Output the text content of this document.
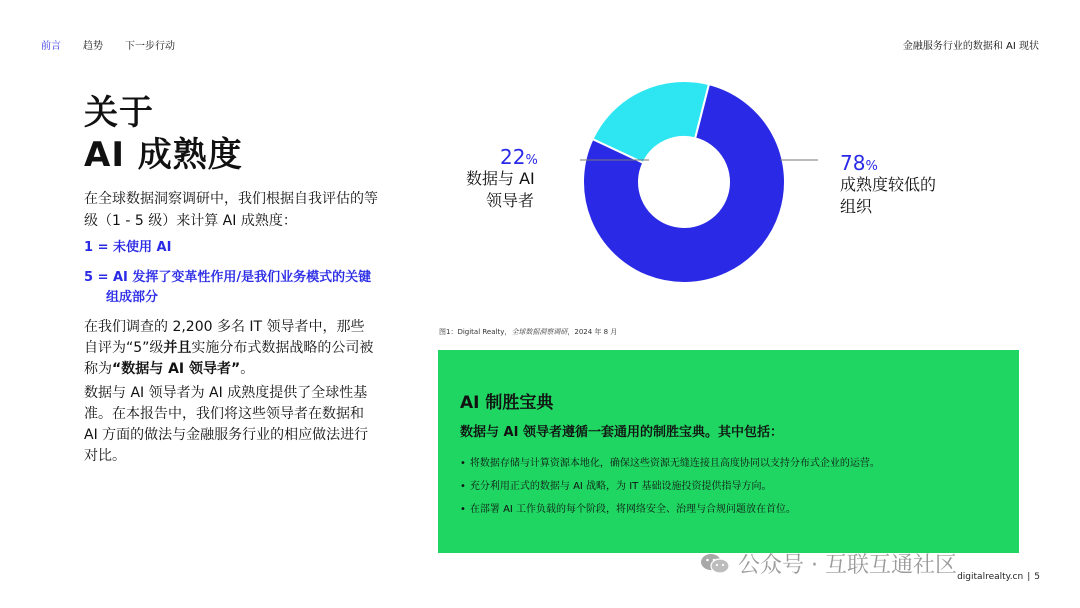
前言 趋势 下一步行动	金融服务行业的数据和 AI 现状
关于
AI 成熟度

在全球数据洞察调研中，我们根据自我评估的等级（1 - 5 级）来计算 AI 成熟度：

1 = 未使用 AI
5 = AI 发挥了变革性作用/是我们业务模式的关键组成部分

在我们调查的 2,200 多名 IT 领导者中，那些自评为“5”级并且实施分布式数据战略的公司被称为“数据与 AI 领导者”。

数据与 AI 领导者为 AI 成熟度提供了全球性基准。在本报告中，我们将这些领导者在数据和 AI 方面的做法与金融服务行业的相应做法进行对比。

22%
数据与 AI
领导者
78%
成熟度较低的
组织
图1：Digital Realty，全球数据洞察调研，2024 年 8 月
AI 制胜宝典

数据与 AI 领导者遵循一套通用的制胜宝典。其中包括：

• 将数据存储与计算资源本地化，确保这些资源无缝连接且高度协同以支持分布式企业的运营。
• 充分利用正式的数据与 AI 战略，为 IT 基础设施投资提供指导方向。
• 在部署 AI 工作负载的每个阶段，将网络安全、治理与合规问题放在首位。
公众号 · 互联互通社区 digitalrealty.cn | 5
